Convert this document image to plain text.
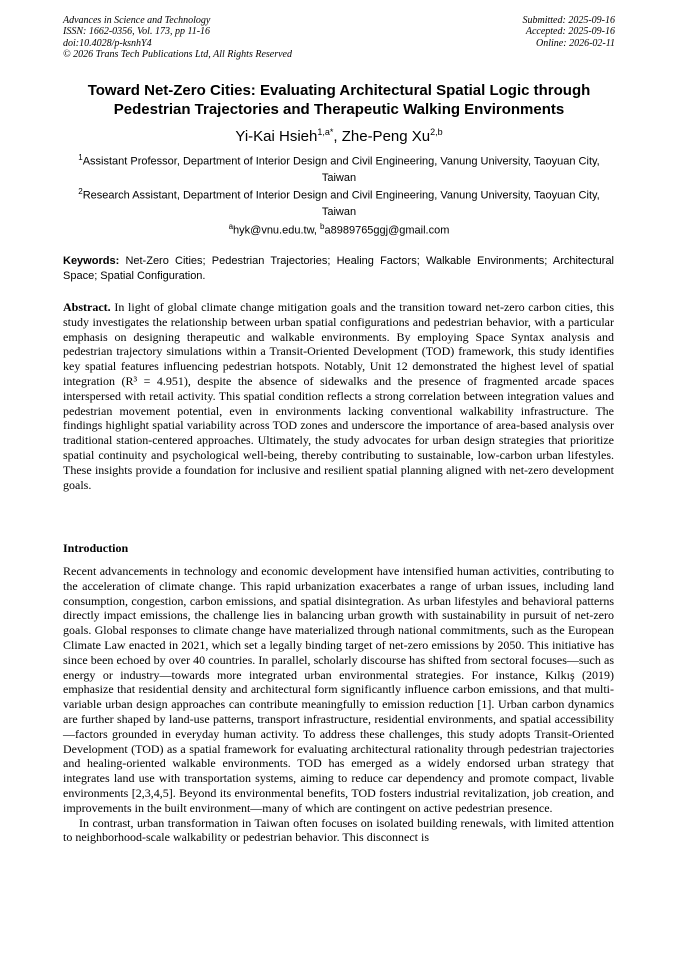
Advances in Science and Technology
ISSN: 1662-0356, Vol. 173, pp 11-16
doi:10.4028/p-ksnhY4
© 2026 Trans Tech Publications Ltd, All Rights Reserved
Submitted: 2025-09-16
Accepted: 2025-09-16
Online: 2026-02-11
Toward Net-Zero Cities: Evaluating Architectural Spatial Logic through
Pedestrian Trajectories and Therapeutic Walking Environments
Yi-Kai Hsieh$^{1,a*}$, Zhe-Peng Xu$^{2,b}$
$^1$Assistant Professor, Department of Interior Design and Civil Engineering, Vanung University, Taoyuan City, Taiwan
$^2$Research Assistant, Department of Interior Design and Civil Engineering, Vanung University, Taoyuan City, Taiwan
$^a$hyk@vnu.edu.tw, $^b$a8989765ggj@gmail.com
Keywords: Net-Zero Cities; Pedestrian Trajectories; Healing Factors; Walkable Environments; Architectural Space; Spatial Configuration.
Abstract. In light of global climate change mitigation goals and the transition toward net-zero carbon cities, this study investigates the relationship between urban spatial configurations and pedestrian behavior, with a particular emphasis on designing therapeutic and walkable environments. By employing Space Syntax analysis and pedestrian trajectory simulations within a Transit-Oriented Development (TOD) framework, this study identifies key spatial features influencing pedestrian hotspots. Notably, Unit 12 demonstrated the highest level of spatial integration (R³ = 4.951), despite the absence of sidewalks and the presence of fragmented arcade spaces interspersed with retail activity. This spatial condition reflects a strong correlation between integration values and pedestrian movement potential, even in environments lacking conventional walkability infrastructure. The findings highlight spatial variability across TOD zones and underscore the importance of area-based analysis over traditional station-centered approaches. Ultimately, the study advocates for urban design strategies that prioritize spatial continuity and psychological well-being, thereby contributing to sustainable, low-carbon urban lifestyles. These insights provide a foundation for inclusive and resilient spatial planning aligned with net-zero development goals.
Introduction

Recent advancements in technology and economic development have intensified human activities, contributing to the acceleration of climate change. This rapid urbanization exacerbates a range of urban issues, including land consumption, congestion, carbon emissions, and spatial disintegration. As urban lifestyles and behavioral patterns directly impact emissions, the challenge lies in balancing urban growth with sustainability in pursuit of net-zero goals. Global responses to climate change have materialized through national commitments, such as the European Climate Law enacted in 2021, which set a legally binding target of net-zero emissions by 2050. This initiative has since been echoed by over 40 countries. In parallel, scholarly discourse has shifted from sectoral focuses—such as energy or industry—towards more integrated urban environmental strategies. For instance, Kılkış (2019) emphasize that residential density and architectural form significantly influence carbon emissions, and that multi-variable urban design approaches can contribute meaningfully to emission reduction [1]. Urban carbon dynamics are further shaped by land-use patterns, transport infrastructure, residential environments, and spatial accessibility—factors grounded in everyday human activity. To address these challenges, this study adopts Transit-Oriented Development (TOD) as a spatial framework for evaluating architectural rationality through pedestrian trajectories and healing-oriented walkable environments. TOD has emerged as a widely endorsed urban strategy that integrates land use with transportation systems, aiming to reduce car dependency and promote compact, livable environments [2,3,4,5]. Beyond its environmental benefits, TOD fosters industrial revitalization, job creation, and improvements in the built environment—many of which are contingent on active pedestrian presence.

In contrast, urban transformation in Taiwan often focuses on isolated building renewals, with limited attention to neighborhood-scale walkability or pedestrian behavior. This disconnect is
